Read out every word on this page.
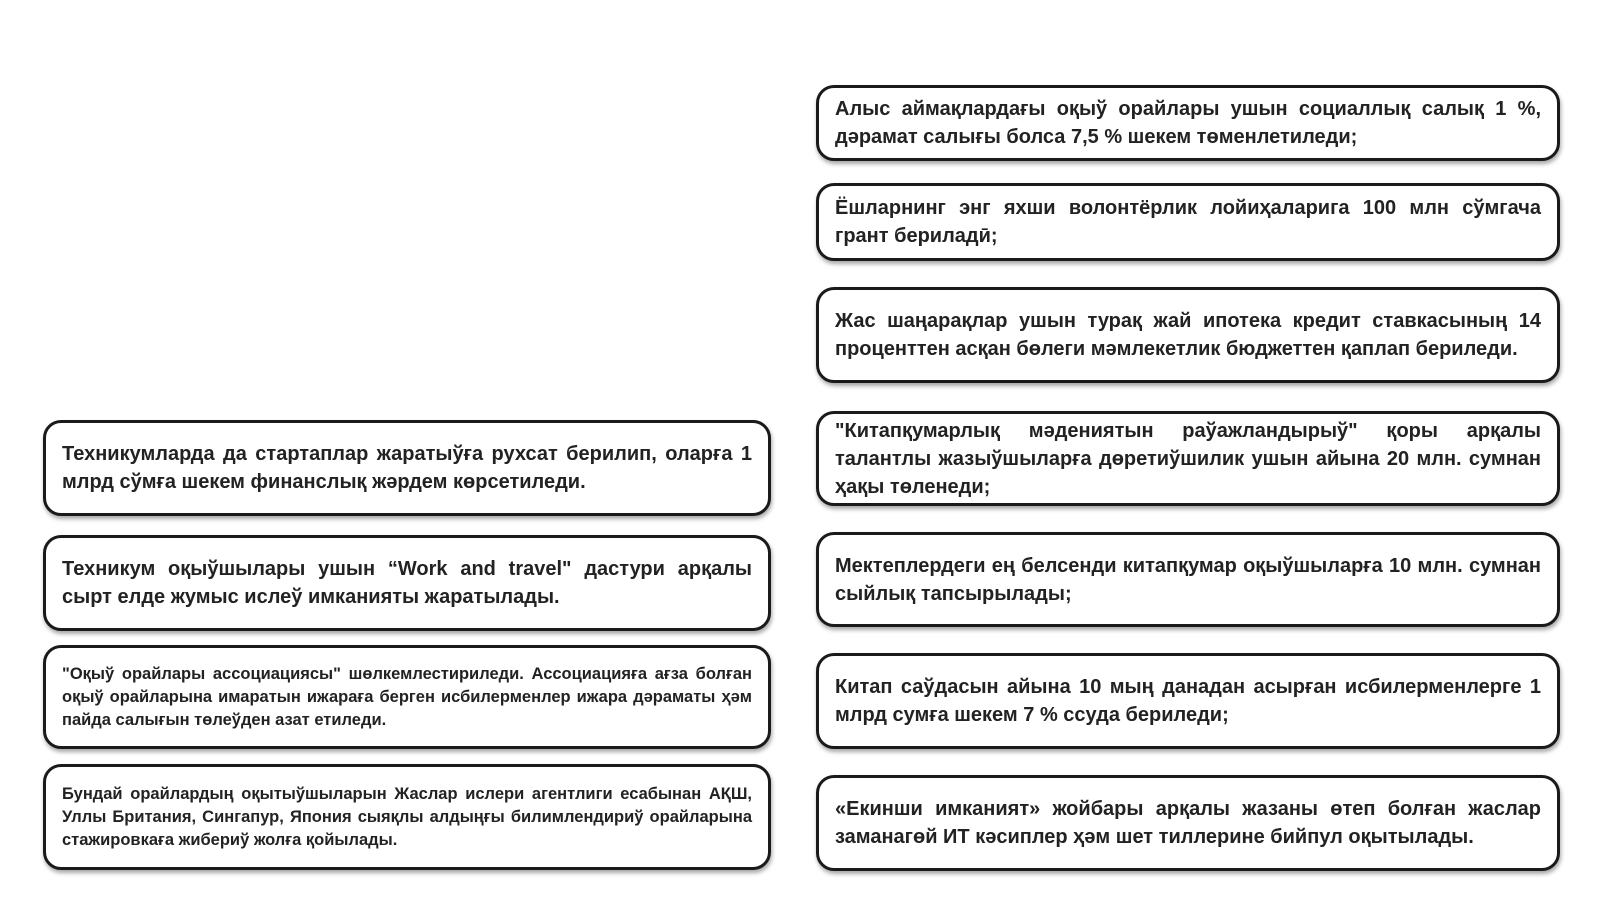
Техникумларда да стартаплар жаратыўға рухсат берилип, оларға 1 млрд сўмға шекем финанслық жәрдем көрсетиледи.

Техникум оқыўшылары ушын “Work and travel" дастури арқалы сырт елде жумыс ислеў имканияты жаратылады.

"Оқыў орайлары ассоциациясы" шөлкемлестириледи. Ассоциацияға ағза болған оқыў орайларына имаратын ижараға берген исбилерменлер ижара дәраматы ҳәм пайда салығын төлеўден азат етиледи.

Бундай орайлардың оқытыўшыларын Жаслар ислери агентлиги есабынан АҚШ, Уллы Британия, Сингапур, Япония сыяқлы алдыңғы билимлендириў орайларына стажировкаға жибериў жолға қойылады.

Алыс аймақлардағы оқыў орайлары ушын социаллық салық 1 %, дәрамат салығы болса 7,5 % шекем төменлетиледи;

Ёшларнинг энг яхши волонтёрлик лойиҳаларига 100 млн сўмгача грант бериладӣ;

Жас шаңарақлар ушын турақ жай ипотека кредит ставкасының 14 проценттен асқан бөлеги мәмлекетлик бюджеттен қаплап бериледи.

"Китапқумарлық мәдениятын раўажландырыў" қоры арқалы талантлы жазыўшыларға дөретиўшилик ушын айына 20 млн. сумнан ҳақы төленеди;

Мектеплердеги ең белсенди китапқумар оқыўшыларға 10 млн. сумнан сыйлық тапсырылады;

Китап саўдасын айына 10 мың данадан асырған исбилерменлерге 1 млрд сумға шекем 7 % ссуда бериледи;

«Екинши имканият» жойбары арқалы жазаны өтеп болған жаслар заманагөй ИТ кәсиплер ҳәм шет тиллерине бийпул оқытылады.
